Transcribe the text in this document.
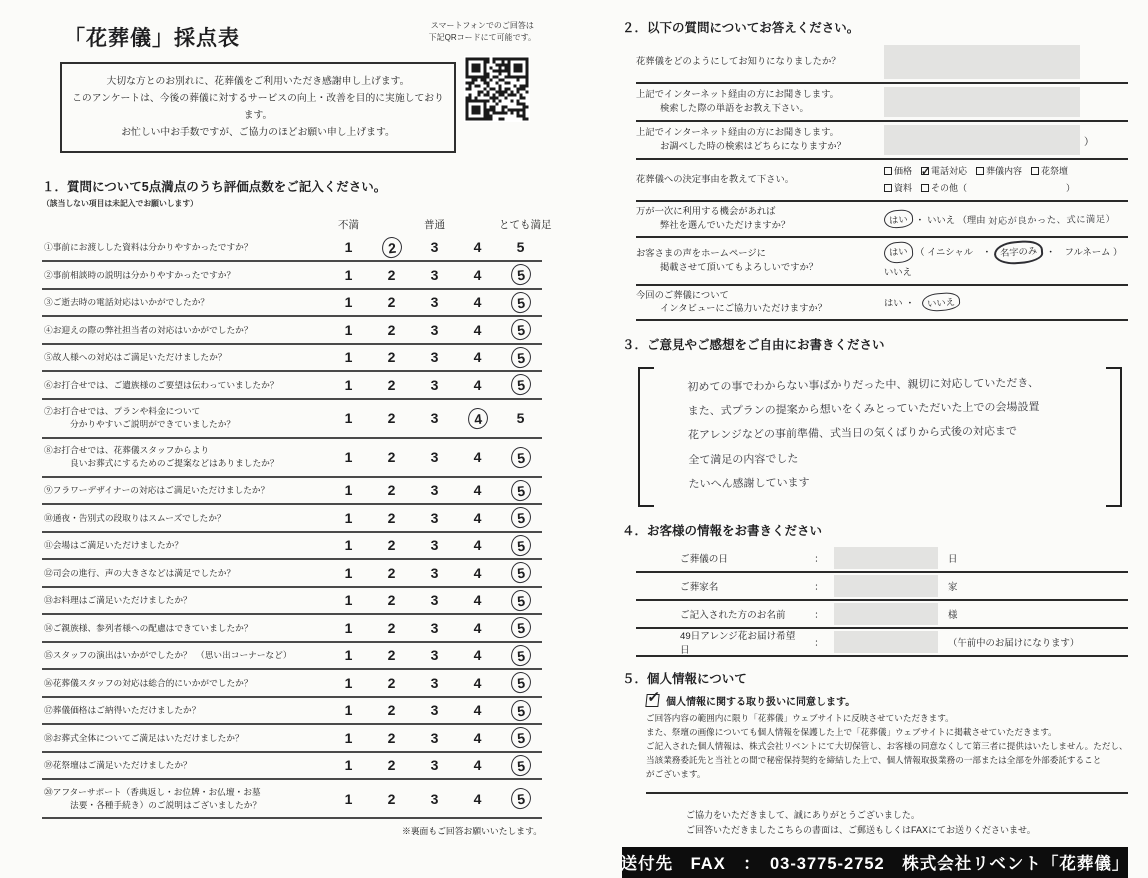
スマートフォンでのご回答は
下記QRコードにて可能です。
「花葬儀」採点表
大切な方とのお別れに、花葬儀をご利用いただき感謝申し上げます。
このアンケートは、今後の葬儀に対するサービスの向上・改善を目的に実施しております。
お忙しい中お手数ですが、ご協力のほどお願い申し上げます。
１．質問について5点満点のうち評価点数をご記入ください。 （該当しない項目は未記入でお願いします）
不満	普通	とても満足
①事前にお渡しした資料は分かりやすかったですか？	1	2	3	4	5
②事前相談時の説明は分かりやすかったですか？	1	2	3	4	5
③ご逝去時の電話対応はいかがでしたか？	1	2	3	4	5
④お迎えの際の弊社担当者の対応はいかがでしたか？	1	2	3	4	5
⑤故人様への対応はご満足いただけましたか？	1	2	3	4	5
⑥お打合せでは、ご遺族様のご要望は伝わっていましたか？	1	2	3	4	5
⑦お打合せでは、プランや料金について
分かりやすいご説明ができていましたか？	1	2	3	4	5
⑧お打合せでは、花葬儀スタッフからより
良いお葬式にするためのご提案などはありましたか？	1	2	3	4	5
⑨フラワーデザイナーの対応はご満足いただけましたか？	1	2	3	4	5
⑩通夜・告別式の段取りはスムーズでしたか？	1	2	3	4	5
⑪会場はご満足いただけましたか？	1	2	3	4	5
⑫司会の進行、声の大きさなどは満足でしたか？	1	2	3	4	5
⑬お料理はご満足いただけましたか？	1	2	3	4	5
⑭ご親族様、参列者様への配慮はできていましたか？	1	2	3	4	5
⑮スタッフの演出はいかがでしたか？　（思い出コーナーなど）	1	2	3	4	5
⑯花葬儀スタッフの対応は総合的にいかがでしたか？	1	2	3	4	5
⑰葬儀価格はご納得いただけましたか？	1	2	3	4	5
⑱お葬式全体についてご満足はいただけましたか？	1	2	3	4	5
⑲花祭壇はご満足いただけましたか？	1	2	3	4	5
⑳アフターサポート（香典返し・お位牌・お仏壇・お墓
法要・各種手続き）のご説明はございましたか？	1	2	3	4	5
※裏面もご回答お願いいたします。
２．以下の質問についてお答えください。
花葬儀をどのようにしてお知りになりましたか？
上記でインターネット経由の方にお聞きします。
検索した際の単語をお教え下さい。
上記でインターネット経由の方にお聞きします。
お調べした時の検索はどちらになりますか？	）
花葬儀への決定事由を教えて下さい。
価格 ✓ 電話対応 葬儀内容 花祭壇
資料 その他（　　　　　　　　　　　）
万が一次に利用する機会があれば
弊社を選んでいただけますか？	はい ・ いいえ （理由 対応が良かった、式に満足）
お客さまの声をホームページに
掲載させて頂いてもよろしいですか？
はい （ イニシャル　・ 名字のみ ・　フルネーム ）
いいえ
今回のご葬儀について
インタビューにご協力いただけますか？	はい ・ いいえ
３．ご意見やご感想をご自由にお書きください
初めての事でわからない事ばかりだった中、親切に対応していただき、
また、式プランの提案から想いをくみとっていただいた上での会場設置
花アレンジなどの事前準備、式当日の気くばりから式後の対応まで
全て満足の内容でした
たいへん感謝しています
４．お客様の情報をお書きください
ご葬儀の日	：	日
ご葬家名	：	家
ご記入された方のお名前	：	様
49日アレンジ花お届け希望日
：	（午前中のお届けになります）
５．個人情報について
✓
個人情報に関する取り扱いに同意します。
ご回答内容の範囲内に限り「花葬儀」ウェブサイトに反映させていただきます。
また、祭壇の画像についても個人情報を保護した上で「花葬儀」ウェブサイトに掲載させていただきます。
ご記入された個人情報は、株式会社リベントにて大切保管し、お客様の同意なくして第三者に提供はいたしません。ただし、
当該業務委託先と当社との間で秘密保持契約を締結した上で、個人情報取扱業務の一部または全部を外部委託すること
がございます。
ご協力をいただきまして、誠にありがとうございました。
ご回答いただきましたこちらの書面は、ご郵送もしくはFAXにてお送りくださいませ。
送付先　FAX　：　03-3775-2752　株式会社リベント「花葬儀」
